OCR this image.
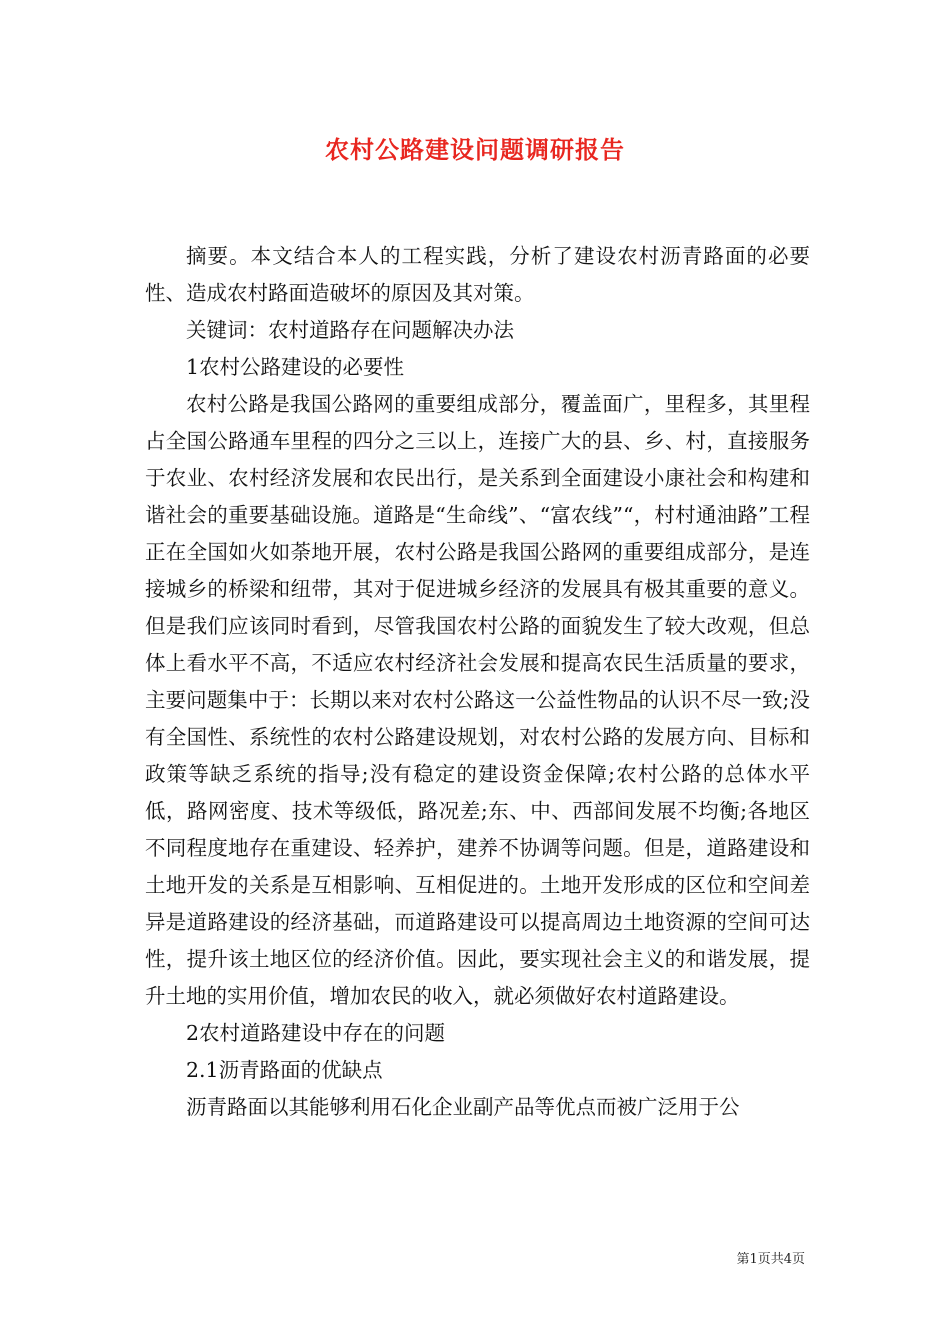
农村公路建设问题调研报告

摘要。本文结合本人的工程实践，分析了建设农村沥青路面的必要性、造成农村路面造破坏的原因及其对策。

关键词：农村道路存在问题解决办法

1农村公路建设的必要性

农村公路是我国公路网的重要组成部分，覆盖面广，里程多，其里程占全国公路通车里程的四分之三以上，连接广大的县、乡、村，直接服务于农业、农村经济发展和农民出行，是关系到全面建设小康社会和构建和谐社会的重要基础设施。道路是“生命线”、“富农线”“，村村通油路”工程正在全国如火如荼地开展，农村公路是我国公路网的重要组成部分，是连接城乡的桥梁和纽带，其对于促进城乡经济的发展具有极其重要的意义。但是我们应该同时看到，尽管我国农村公路的面貌发生了较大改观，但总体上看水平不高，不适应农村经济社会发展和提高农民生活质量的要求，主要问题集中于：长期以来对农村公路这一公益性物品的认识不尽一致;没有全国性、系统性的农村公路建设规划，对农村公路的发展方向、目标和政策等缺乏系统的指导;没有稳定的建设资金保障;农村公路的总体水平低，路网密度、技术等级低，路况差;东、中、西部间发展不均衡;各地区不同程度地存在重建设、轻养护，建养不协调等问题。但是，道路建设和土地开发的关系是互相影响、互相促进的。土地开发形成的区位和空间差异是道路建设的经济基础，而道路建设可以提高周边土地资源的空间可达性，提升该土地区位的经济价值。因此，要实现社会主义的和谐发展，提升土地的实用价值，增加农民的收入，就必须做好农村道路建设。

2农村道路建设中存在的问题

2.1沥青路面的优缺点

沥青路面以其能够利用石化企业副产品等优点而被广泛用于公

第1页共4页
